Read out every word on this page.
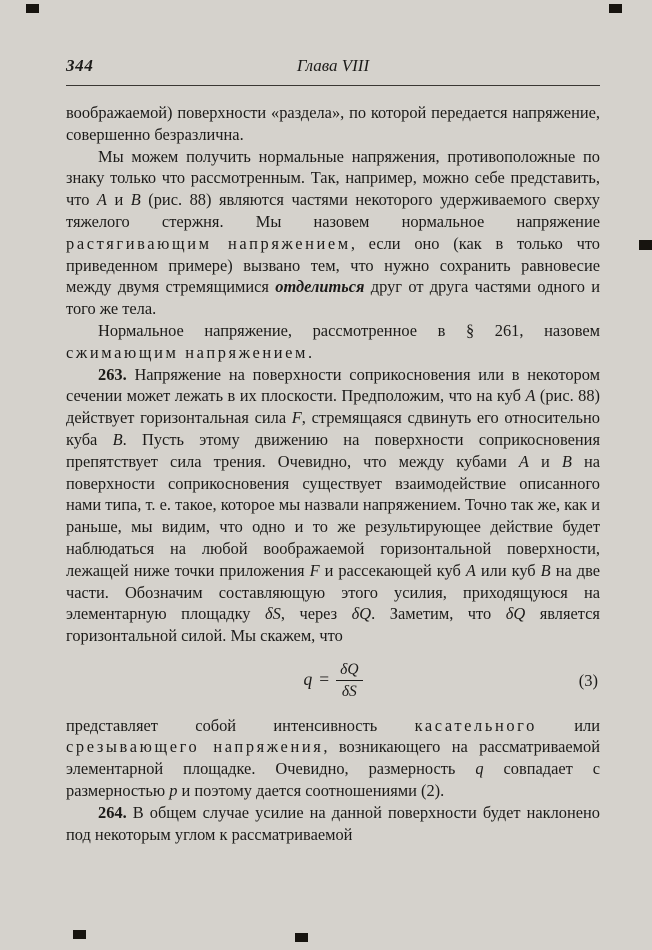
344	Глава VIII

воображаемой) поверхности «раздела», по которой передается напряжение, совершенно безразлична.

Мы можем получить нормальные напряжения, противоположные по знаку только что рассмотренным. Так, например, можно себе представить, что А и В (рис. 88) являются частями некоторого удерживаемого сверху тяжелого стержня. Мы назовем нормальное напряжение растягивающим напряжением, если оно (как в только что приведенном примере) вызвано тем, что нужно сохранить равновесие между двумя стремящимися отделиться друг от друга частями одного и того же тела.

Нормальное напряжение, рассмотренное в § 261, назовем сжимающим напряжением.

263. Напряжение на поверхности соприкосновения или в некотором сечении может лежать в их плоскости. Предположим, что на куб А (рис. 88) действует горизонтальная сила F, стремящаяся сдвинуть его относительно куба В. Пусть этому движению на поверхности соприкосновения препятствует сила трения. Очевидно, что между кубами А и В на поверхности соприкосновения существует взаимодействие описанного нами типа, т. е. такое, которое мы назвали напряжением. Точно так же, как и раньше, мы видим, что одно и то же результирующее действие будет наблюдаться на любой воображаемой горизонтальной поверхности, лежащей ниже точки приложения F и рассекающей куб А или куб В на две части. Обозначим составляющую этого усилия, приходящуюся на элементарную площадку δS, через δQ. Заметим, что δQ является горизонтальной силой. Мы скажем, что

$q = \frac{\delta Q}{\delta S}$	(3)

представляет собой интенсивность касательного или срезывающего напряжения, возникающего на рассматриваемой элементарной площадке. Очевидно, размерность q совпадает с размерностью p и поэтому дается соотношениями (2).

264. В общем случае усилие на данной поверхности будет наклонено под некоторым углом к рассматриваемой
